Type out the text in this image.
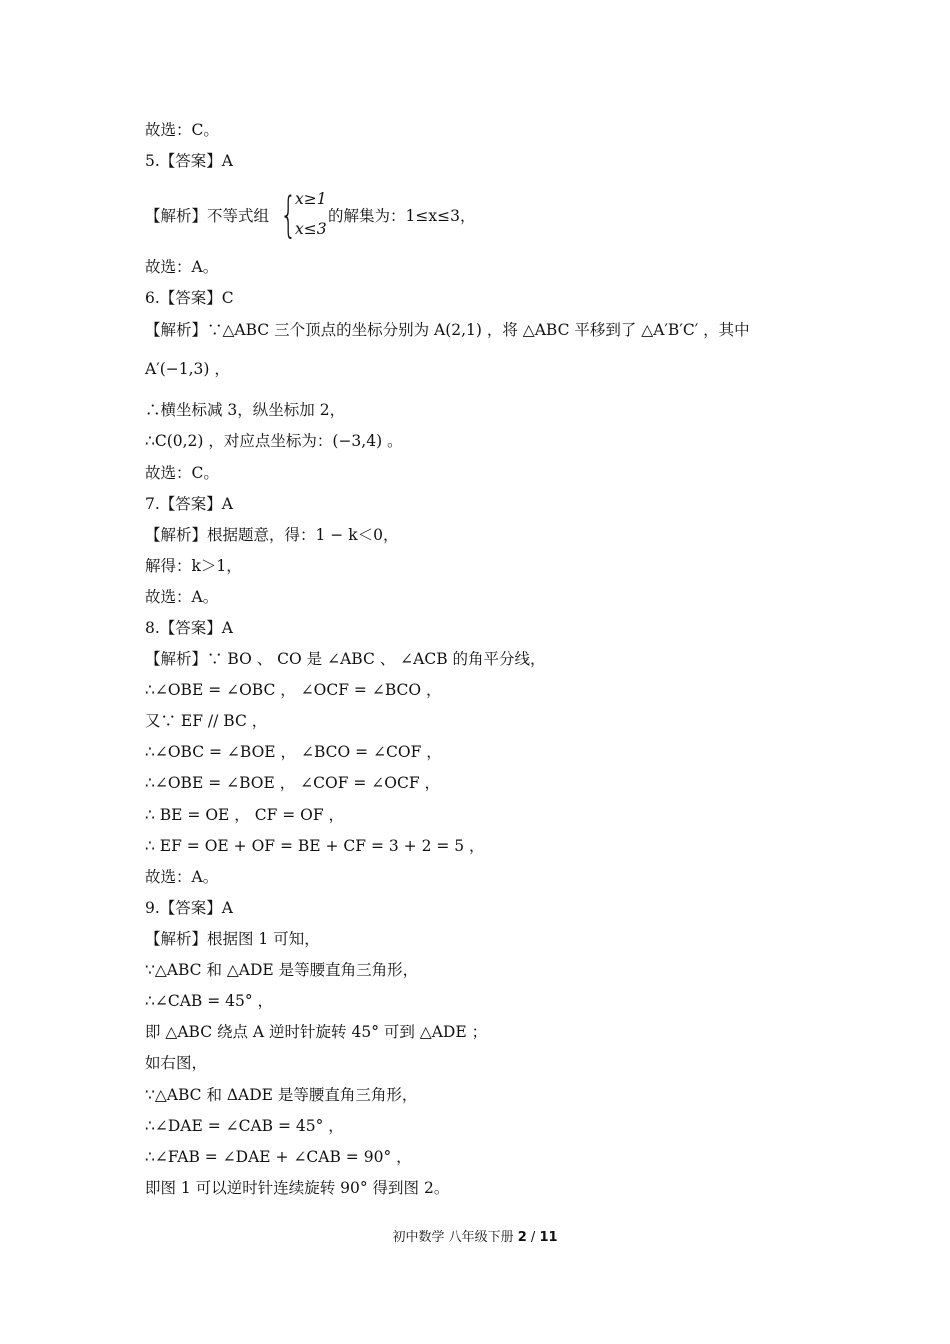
故选：C。
5.【答案】A
【解析】不等式组 {
x≥1
x≤3
的解集为：1≤x≤3，
故选：A。
6.【答案】C
【解析】∵△ABC 三个顶点的坐标分别为 A(2,1) ，将 △ABC 平移到了 △A′B′C′ ，其中
A′(−1,3) ，
∴横坐标减 3，纵坐标加 2，
∴C(0,2) ，对应点坐标为：(−3,4) 。
故选：C。
7.【答案】A
【解析】根据题意，得：1 − k＜0，
解得：k＞1，
故选：A。
8.【答案】A
【解析】∵ BO 、 CO 是 ∠ABC 、 ∠ACB 的角平分线，
∴∠OBE = ∠OBC ， ∠OCF = ∠BCO ，
又∵ EF // BC ，
∴∠OBC = ∠BOE ， ∠BCO = ∠COF ，
∴∠OBE = ∠BOE ， ∠COF = ∠OCF ，
∴ BE = OE ， CF = OF ，
∴ EF = OE + OF = BE + CF = 3 + 2 = 5 ，
故选：A。
9.【答案】A
【解析】根据图 1 可知，
∵△ABC 和 △ADE 是等腰直角三角形，
∴∠CAB = 45° ，
即 △ABC 绕点 A 逆时针旋转 45° 可到 △ADE ；
如右图，
∵△ABC 和 ΔADE 是等腰直角三角形，
∴∠DAE = ∠CAB = 45° ，
∴∠FAB = ∠DAE + ∠CAB = 90° ，
即图 1 可以逆时针连续旋转 90° 得到图 2。
初中数学 八年级下册 2 / 11
